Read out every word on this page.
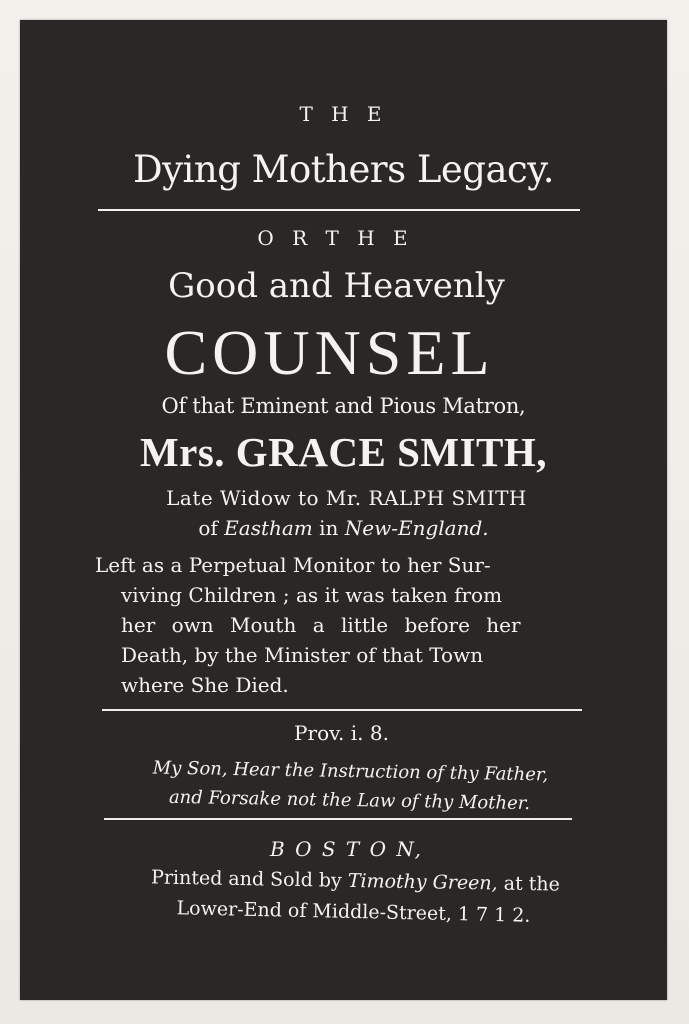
T H E
Dying Mothers Legacy.
O R T H E
Good and Heavenly
COUNSEL
Of that Eminent and Pious Matron,
Mrs. GRACE SMITH,
Late Widow to Mr. RALPH SMITH
of Eastham in New-England.
Left as a Perpetual Monitor to her Sur-
viving Children ; as it was taken from
her own Mouth a little before her
Death, by the Minister of that Town
where She Died.
Prov. i. 8.
My Son, Hear the Instruction of thy Father,
and Forsake not the Law of thy Mother.
B O S T O N,
Printed and Sold by Timothy Green, at the
Lower-End of Middle-Street, 1 7 1 2.
